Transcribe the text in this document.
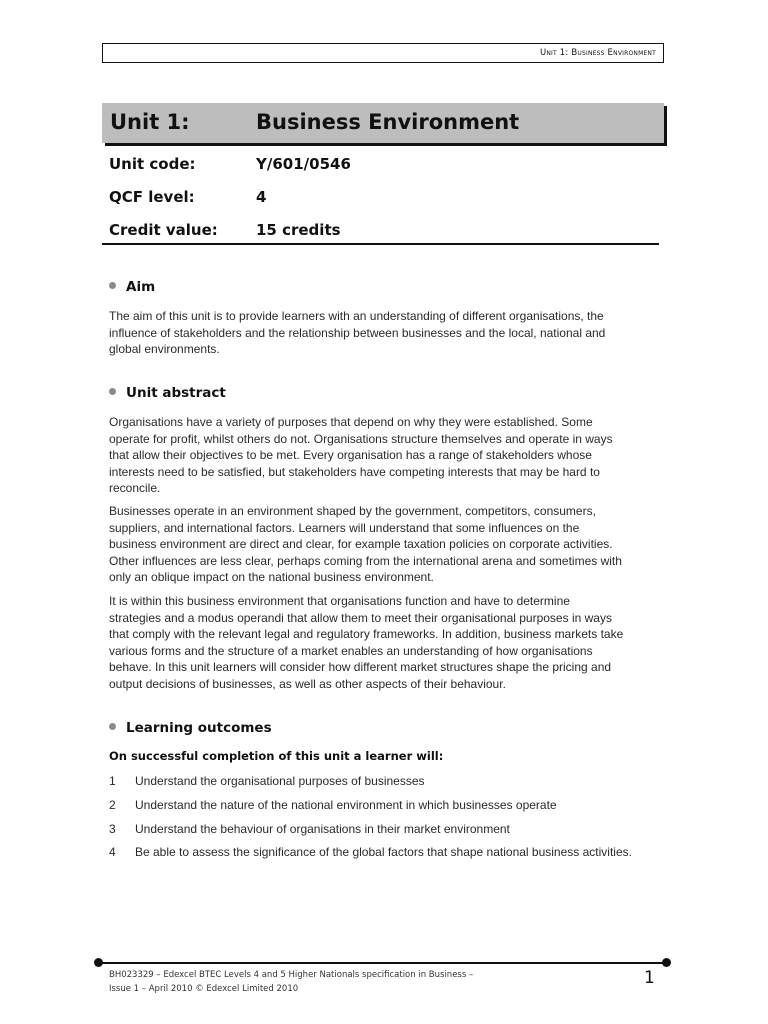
Unit 1: Business Environment
Unit 1:	Business Environment
Unit code:	Y/601/0546
QCF level:	4
Credit value:	15 credits
Aim

The aim of this unit is to provide learners with an understanding of different organisations, the
influence of stakeholders and the relationship between businesses and the local, national and
global environments.

Unit abstract

Organisations have a variety of purposes that depend on why they were established. Some
operate for profit, whilst others do not. Organisations structure themselves and operate in ways
that allow their objectives to be met. Every organisation has a range of stakeholders whose
interests need to be satisfied, but stakeholders have competing interests that may be hard to
reconcile.

Businesses operate in an environment shaped by the government, competitors, consumers,
suppliers, and international factors. Learners will understand that some influences on the
business environment are direct and clear, for example taxation policies on corporate activities.
Other influences are less clear, perhaps coming from the international arena and sometimes with
only an oblique impact on the national business environment.

It is within this business environment that organisations function and have to determine
strategies and a modus operandi that allow them to meet their organisational purposes in ways
that comply with the relevant legal and regulatory frameworks. In addition, business markets take
various forms and the structure of a market enables an understanding of how organisations
behave. In this unit learners will consider how different market structures shape the pricing and
output decisions of businesses, as well as other aspects of their behaviour.

Learning outcomes
On successful completion of this unit a learner will:
1 Understand the organisational purposes of businesses
2 Understand the nature of the national environment in which businesses operate
3 Understand the behaviour of organisations in their market environment
4 Be able to assess the significance of the global factors that shape national business activities.
BH023329 – Edexcel BTEC Levels 4 and 5 Higher Nationals specification in Business –
Issue 1 – April 2010 © Edexcel Limited 2010
1
